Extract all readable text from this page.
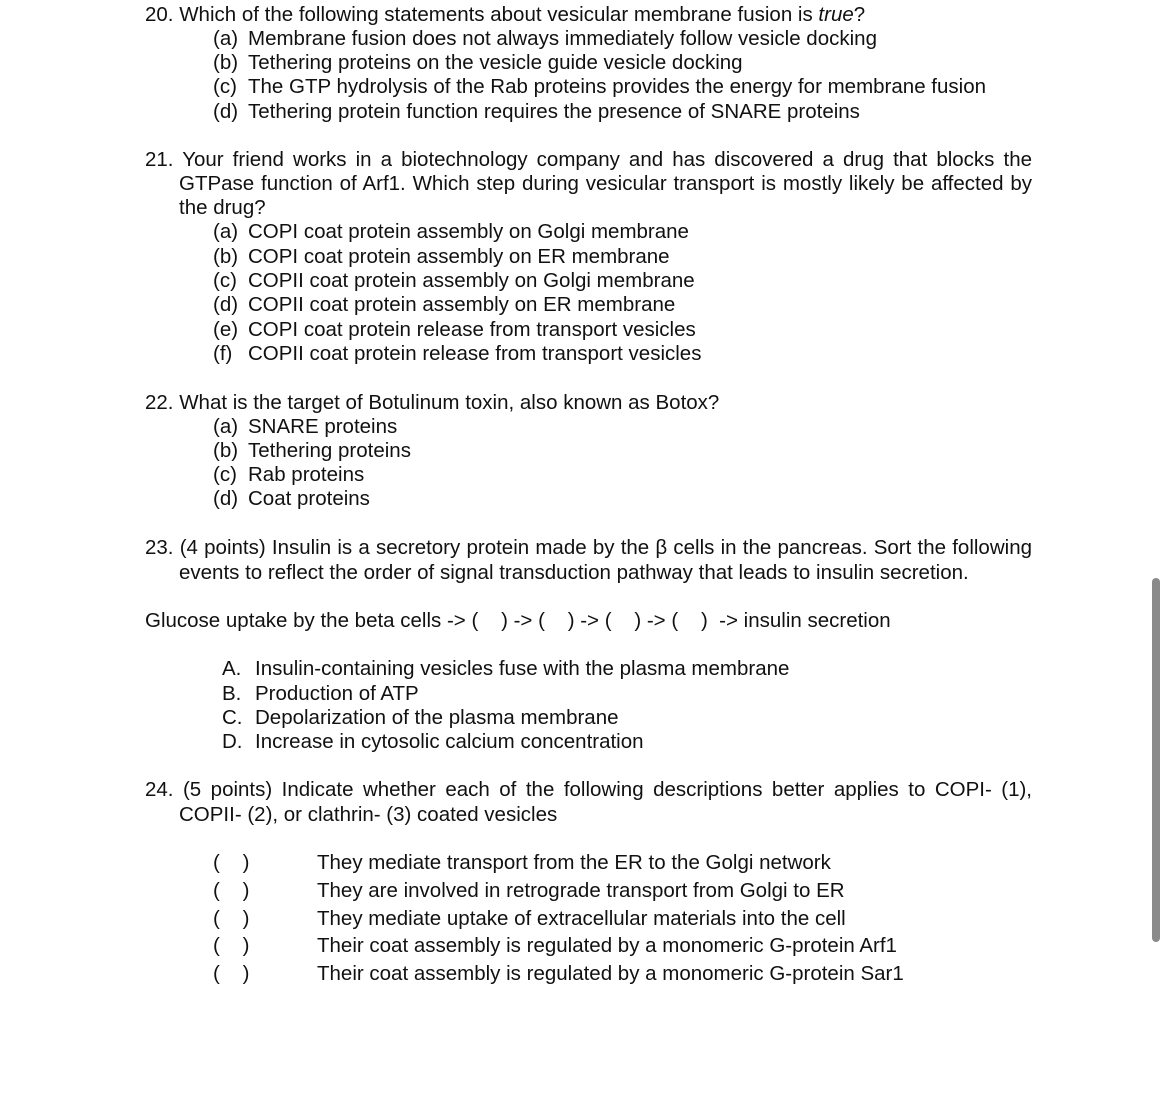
20. Which of the following statements about vesicular membrane fusion is true?
(a) Membrane fusion does not always immediately follow vesicle docking
(b) Tethering proteins on the vesicle guide vesicle docking
(c) The GTP hydrolysis of the Rab proteins provides the energy for membrane fusion
(d) Tethering protein function requires the presence of SNARE proteins
21. Your friend works in a biotechnology company and has discovered a drug that blocks the
GTPase function of Arf1. Which step during vesicular transport is mostly likely be affected by
the drug?
(a) COPI coat protein assembly on Golgi membrane
(b) COPI coat protein assembly on ER membrane
(c) COPII coat protein assembly on Golgi membrane
(d) COPII coat protein assembly on ER membrane
(e) COPI coat protein release from transport vesicles
(f) COPII coat protein release from transport vesicles
22. What is the target of Botulinum toxin, also known as Botox?
(a) SNARE proteins
(b) Tethering proteins
(c) Rab proteins
(d) Coat proteins
23. (4 points) Insulin is a secretory protein made by the β cells in the pancreas. Sort the following
events to reflect the order of signal transduction pathway that leads to insulin secretion.
Glucose uptake by the beta cells -> (    ) -> (    ) -> (    ) -> (    )  -> insulin secretion
A. Insulin-containing vesicles fuse with the plasma membrane
B. Production of ATP
C. Depolarization of the plasma membrane
D. Increase in cytosolic calcium concentration
24. (5 points) Indicate whether each of the following descriptions better applies to COPI- (1),
COPII- (2), or clathrin- (3) coated vesicles
(    )	They mediate transport from the ER to the Golgi network
(    )	They are involved in retrograde transport from Golgi to ER
(    )	They mediate uptake of extracellular materials into the cell
(    )	Their coat assembly is regulated by a monomeric G-protein Arf1
(    )	Their coat assembly is regulated by a monomeric G-protein Sar1
